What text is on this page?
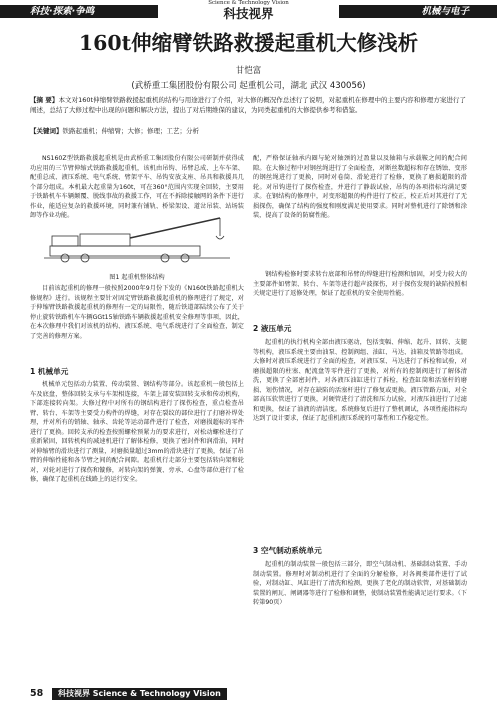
科技·探索·争鸣
Science & Technology Vision
科技视界	机械与电子
160t伸缩臂铁路救援起重机大修浅析
甘恺富
(武桥重工集团股份有限公司 起重机公司，湖北 武汉 430056)
【摘 要】本文对160t伸缩臂铁路救援起重机的结构与用途进行了介绍，对大修的概况作总述行了说明，对起重机在修理中的主要内容和修理方案进行了阐述，总结了大修过程中出现的问题和解决方法，提出了对后期维保的建议，为同类起重机的大修提供参考和借鉴。
【关键词】铁路起重机；伸缩臂；大修；修理；工艺；分析

NS160Z型铁路救援起重机是由武桥重工集团股份有限公司研制并获得成功应用的三节臂伸缩式铁路救援起重机，该机由吊钩、吊臂总成、上车车架、配重总成、液压系统、电气系统、臂架平车、吊钩安放支座、吊具和救援具几个部分组成。本机最大起重量为160t，可在360°范围内实现全回转，主要用于铁路机车车辆颠覆、脱线事故的救援工作，可在不拆除接触网的条件下进行作业，能适应复杂的救援环境，同时兼有铺轨、桥梁架设、道岔吊装、站场装卸等作业功能。

图1 起重机整体结构

目前该起重机的修理一般按照2000年9月份下发的《N160t铁路起重机大修规程》进行。该规程主要针对固定臂铁路救援起重机的修理进行了规定，对于伸缩臂铁路救援起重机的修理有一定的局限性，随后铁道部陆续公布了关于停止旋转铁路机车车辆GGt15轴铁路车辆救援起重机安全修理等事项，因此，在本次修理中我们对该机的结构、液压系统、电气系统进行了全面检查，制定了完善的修理方案。

1 机械单元

机械单元包括动力装置、传动装置、钢结构等部分。该起重机一般包括上车及底盘，整体回转支承与车架相连接，车架上部安装回转支承和传动机构，下部连接转向架。大修过程中对所有的钢结构进行了探伤检查，重点检查吊臂、转台、车架等主要受力构件的焊缝，对存在裂纹的部位进行了打磨补焊处理，并对所有的销轴、轴承、齿轮等运动部件进行了检查，对磨损超标的零件进行了更换。回转支承的检查按照螺栓预紧力的要求进行，对松动螺栓进行了重新紧固，回转机构的减速机进行了解体检修，更换了密封件和润滑油，同时对伸缩臂的滑块进行了测量，对磨损量超过3mm的滑块进行了更换，保证了吊臂的伸缩性能和各节臂之间的配合间隙。起重机行走部分主要包括转向架和轮对，对轮对进行了探伤和镟修，对转向架的弹簧、旁承、心盘等部位进行了检修，确保了起重机在线路上的运行安全。

配，严格保证轴承内圈与轮对轴颈的过盈量以及轴箱与承载鞍之间的配合间隙。在大修过程中对钢丝绳进行了全面检查，对断丝数超标和存在锈蚀、变形的钢丝绳进行了更换，同时对卷筒、滑轮进行了检修，更换了磨损超限的滑轮。对吊钩进行了探伤检查，并进行了静载试验，吊钩的各项指标均满足要求。在钢结构的修理中，对变形超限的构件进行了校正，校正后对其进行了无损探伤，确保了结构的强度和刚度满足使用要求。同时对整机进行了除锈和涂装，提高了设备的防腐性能。

钢结构检修时要求转台底部和吊臂的焊缝进行检测和加固，对受力较大的主要部件如臂架、转台、车架等进行超声波探伤，对于探伤发现的缺陷按照相关规定进行了返修处理，保证了起重机的安全使用性能。

2 液压单元

起重机的执行机构全部由液压驱动，包括变幅、伸缩、起升、回转、支腿等机构，液压系统主要由油泵、控制阀组、油缸、马达、油箱及管路等组成。大修时对液压系统进行了全面的检查，对液压泵、马达进行了拆检和试验，对磨损超限的柱塞、配流盘等零件进行了更换，对所有的控制阀进行了解体清洗，更换了全部密封件，对各液压油缸进行了拆检，检查缸筒和活塞杆的磨损、划伤情况，对存在缺陷的活塞杆进行了修复或更换。液压管路方面，对全部高压软管进行了更换，对硬管进行了清洗和压力试验，对液压油进行了过滤和更换，保证了油液的清洁度。系统修复后进行了整机调试，各项性能指标均达到了设计要求，保证了起重机液压系统的可靠性和工作稳定性。

3 空气制动系统单元

起重机的制动装置一般包括三部分，即空气制动机、基础制动装置、手动制动装置。修理时对制动机进行了全面的分解检修，对各阀类部件进行了试验，对制动缸、风缸进行了清洗和检测，更换了老化的制动软管，对基础制动装置的闸瓦、闸调器等进行了检修和调整，使制动装置性能满足运行要求。（下转第90页）

58	科技视界 Science & Technology Vision
